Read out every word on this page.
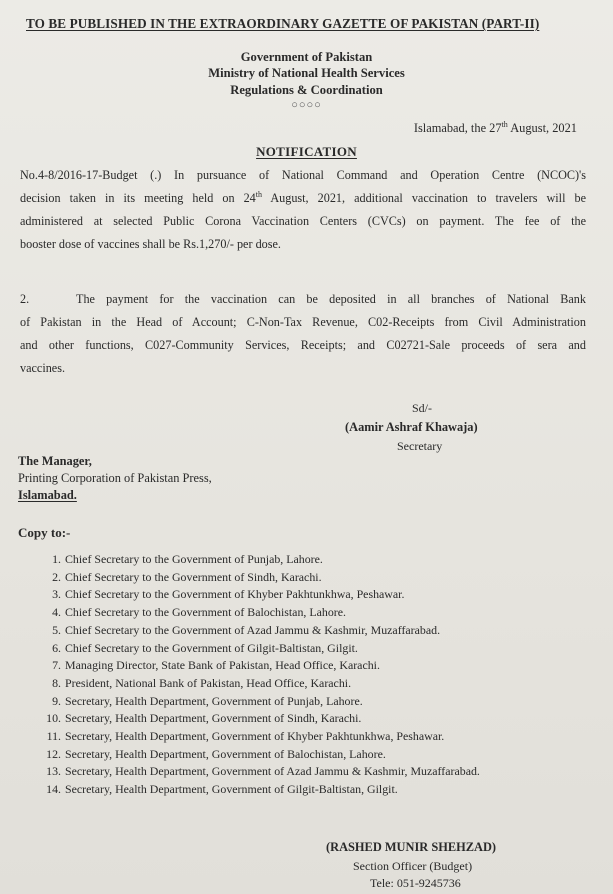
TO BE PUBLISHED IN THE EXTRAORDINARY GAZETTE OF PAKISTAN (PART-II)
Government of Pakistan
Ministry of National Health Services
Regulations & Coordination
○○○○
Islamabad, the 27th August, 2021
NOTIFICATION
No.4-8/2016-17-Budget (.) In pursuance of National Command and Operation Centre (NCOC)'s
decision taken in its meeting held on 24th August, 2021, additional vaccination to travelers will be
administered at selected Public Corona Vaccination Centers (CVCs) on payment. The fee of the
booster dose of vaccines shall be Rs.1,270/- per dose.
2.	The payment for the vaccination can be deposited in all branches of National Bank
of Pakistan in the Head of Account; C-Non-Tax Revenue, C02-Receipts from Civil Administration
and other functions, C027-Community Services, Receipts; and C02721-Sale proceeds of sera and
vaccines.
Sd/-
(Aamir Ashraf Khawaja)
Secretary
The Manager,
Printing Corporation of Pakistan Press,
Islamabad.
Copy to:-
1. Chief Secretary to the Government of Punjab, Lahore.
2. Chief Secretary to the Government of Sindh, Karachi.
3. Chief Secretary to the Government of Khyber Pakhtunkhwa, Peshawar.
4. Chief Secretary to the Government of Balochistan, Lahore.
5. Chief Secretary to the Government of Azad Jammu & Kashmir, Muzaffarabad.
6. Chief Secretary to the Government of Gilgit-Baltistan, Gilgit.
7. Managing Director, State Bank of Pakistan, Head Office, Karachi.
8. President, National Bank of Pakistan, Head Office, Karachi.
9. Secretary, Health Department, Government of Punjab, Lahore.
10. Secretary, Health Department, Government of Sindh, Karachi.
11. Secretary, Health Department, Government of Khyber Pakhtunkhwa, Peshawar.
12. Secretary, Health Department, Government of Balochistan, Lahore.
13. Secretary, Health Department, Government of Azad Jammu & Kashmir, Muzaffarabad.
14. Secretary, Health Department, Government of Gilgit-Baltistan, Gilgit.
(RASHED MUNIR SHEHZAD)
Section Officer (Budget)
Tele: 051-9245736
